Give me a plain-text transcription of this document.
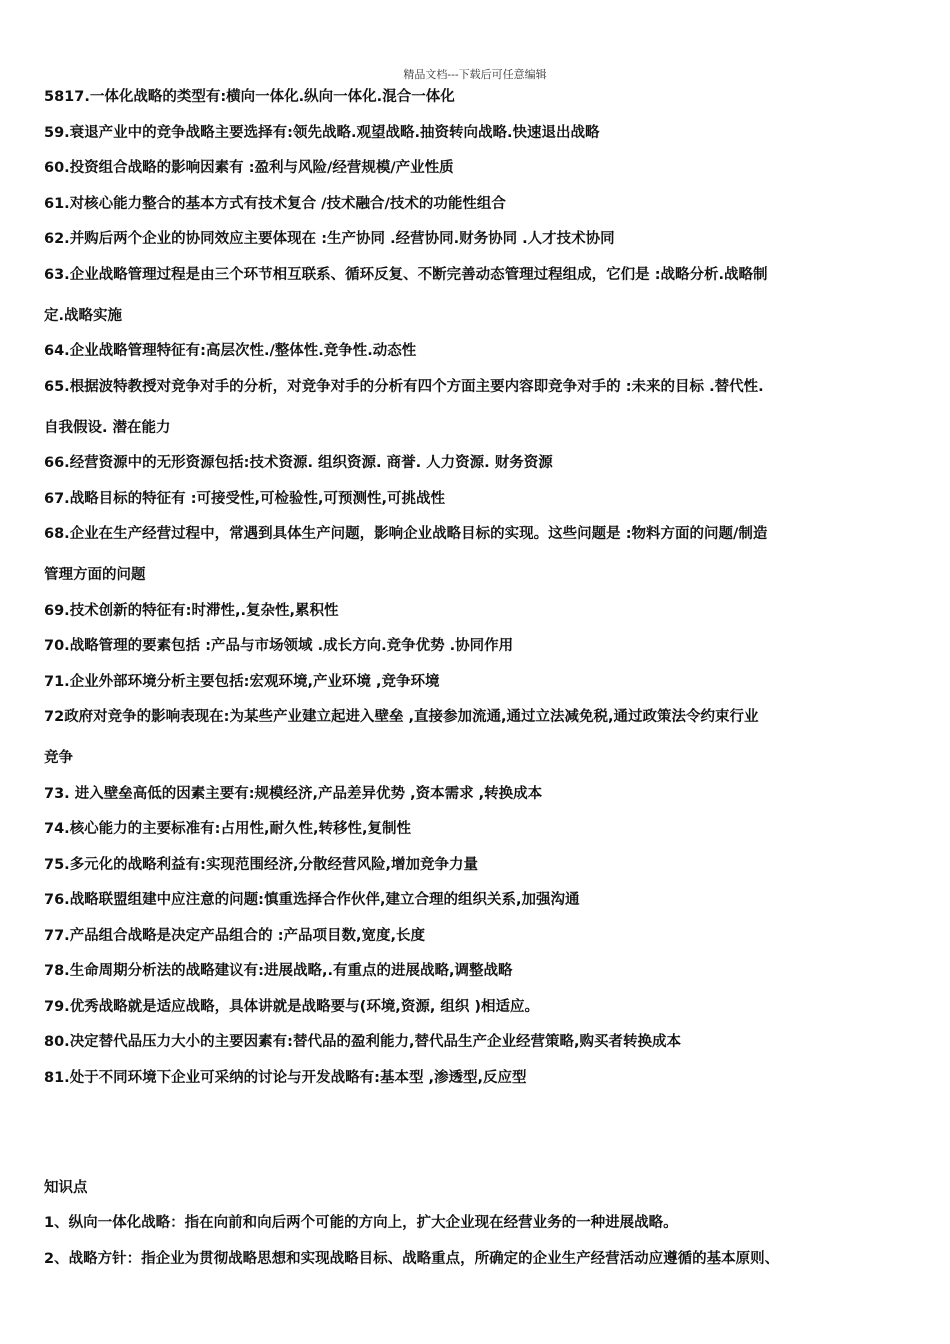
精品文档---下载后可任意编辑
5817.一体化战略的类型有:横向一体化.纵向一体化.混合一体化
59.衰退产业中的竞争战略主要选择有:领先战略.观望战略.抽资转向战略.快速退出战略
60.投资组合战略的影响因素有 :盈利与风险/经营规模/产业性质
61.对核心能力整合的基本方式有技术复合 /技术融合/技术的功能性组合
62.并购后两个企业的协同效应主要体现在 :生产协同 .经营协同.财务协同 .人才技术协同
63.企业战略管理过程是由三个环节相互联系、循环反复、不断完善动态管理过程组成，它们是 :战略分析.战略制
定.战略实施
64.企业战略管理特征有:高层次性./整体性.竞争性.动态性
65.根据波特教授对竞争对手的分析，对竞争对手的分析有四个方面主要内容即竞争对手的 :未来的目标 .替代性.
自我假设. 潜在能力
66.经营资源中的无形资源包括:技术资源. 组织资源. 商誉. 人力资源. 财务资源
67.战略目标的特征有 :可接受性,可检验性,可预测性,可挑战性
68.企业在生产经营过程中，常遇到具体生产问题，影响企业战略目标的实现。这些问题是 :物料方面的问题/制造
管理方面的问题
69.技术创新的特征有:时滞性,.复杂性,累积性
70.战略管理的要素包括 :产品与市场领域 .成长方向.竞争优势 .协同作用
71.企业外部环境分析主要包括:宏观环境,产业环境 ,竞争环境
72政府对竞争的影响表现在:为某些产业建立起进入壁垒 ,直接参加流通,通过立法减免税,通过政策法令约束行业
竞争
73. 进入壁垒高低的因素主要有:规模经济,产品差异优势 ,资本需求 ,转换成本
74.核心能力的主要标准有:占用性,耐久性,转移性,复制性
75.多元化的战略利益有:实现范围经济,分散经营风险,增加竞争力量
76.战略联盟组建中应注意的问题:慎重选择合作伙伴,建立合理的组织关系,加强沟通
77.产品组合战略是决定产品组合的 :产品项目数,宽度,长度
78.生命周期分析法的战略建议有:进展战略,.有重点的进展战略,调整战略
79.优秀战略就是适应战略，具体讲就是战略要与(环境,资源, 组织 )相适应。
80.决定替代品压力大小的主要因素有:替代品的盈利能力,替代品生产企业经营策略,购买者转换成本
81.处于不同环境下企业可采纳的讨论与开发战略有:基本型 ,渗透型,反应型
知识点
1、纵向一体化战略：指在向前和向后两个可能的方向上，扩大企业现在经营业务的一种进展战略。
2、战略方针：指企业为贯彻战略思想和实现战略目标、战略重点，所确定的企业生产经营活动应遵循的基本原则、
